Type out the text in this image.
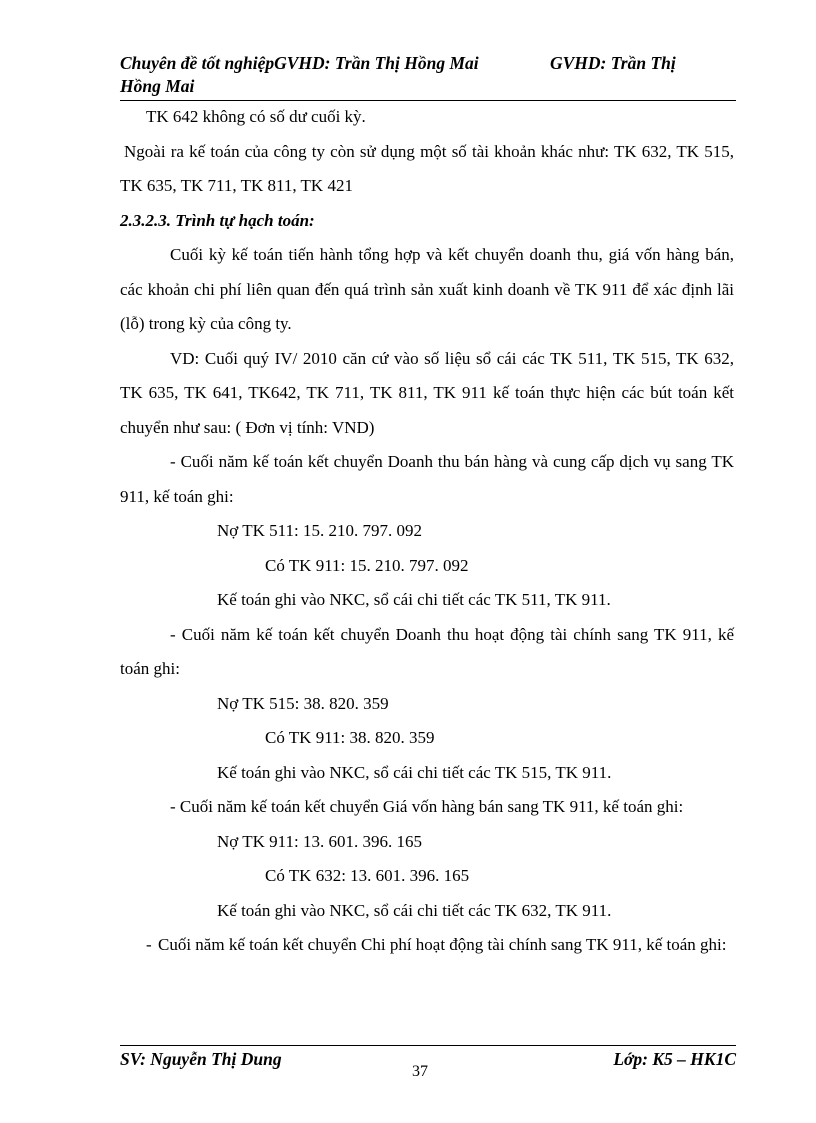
Chuyên đề tốt nghiệpGVHD: Trần Thị Hồng Mai	GVHD: Trần Thị
Hồng Mai

TK 642 không có số dư cuối kỳ.

Ngoài ra kế toán của công ty còn sử dụng một số tài khoản khác như: TK 632, TK 515, TK 635, TK 711, TK 811, TK 421

2.3.2.3. Trình tự hạch toán:

Cuối kỳ kế toán tiến hành tổng hợp và kết chuyển doanh thu, giá vốn hàng bán, các khoản chi phí liên quan đến quá trình sản xuất kinh doanh về TK 911 để xác định lãi (lỗ) trong kỳ của công ty.

VD: Cuối quý IV/ 2010 căn cứ vào số liệu sổ cái các TK 511, TK 515, TK 632, TK 635, TK 641, TK642, TK 711, TK 811, TK 911 kế toán thực hiện các bút toán kết chuyển như sau: ( Đơn vị tính: VND)

- Cuối năm kế toán kết chuyển Doanh thu bán hàng và cung cấp dịch vụ sang TK 911, kế toán ghi:

Nợ TK 511: 15. 210. 797. 092

Có TK 911: 15. 210. 797. 092

Kế toán ghi vào NKC, sổ cái chi tiết các TK 511, TK 911.

- Cuối năm kế toán kết chuyển Doanh thu hoạt động tài chính sang TK 911, kế toán ghi:

Nợ TK 515: 38. 820. 359

Có TK 911: 38. 820. 359

Kế toán ghi vào NKC, sổ cái chi tiết các TK 515, TK 911.

- Cuối năm kế toán kết chuyển Giá vốn hàng bán sang TK 911, kế toán ghi:

Nợ TK 911: 13. 601. 396. 165

Có TK 632: 13. 601. 396. 165

Kế toán ghi vào NKC, sổ cái chi tiết các TK 632, TK 911.

- Cuối năm kế toán kết chuyển Chi phí hoạt động tài chính sang TK 911, kế toán ghi:
SV: Nguyễn Thị Dung	Lớp: K5 – HK1C
37
